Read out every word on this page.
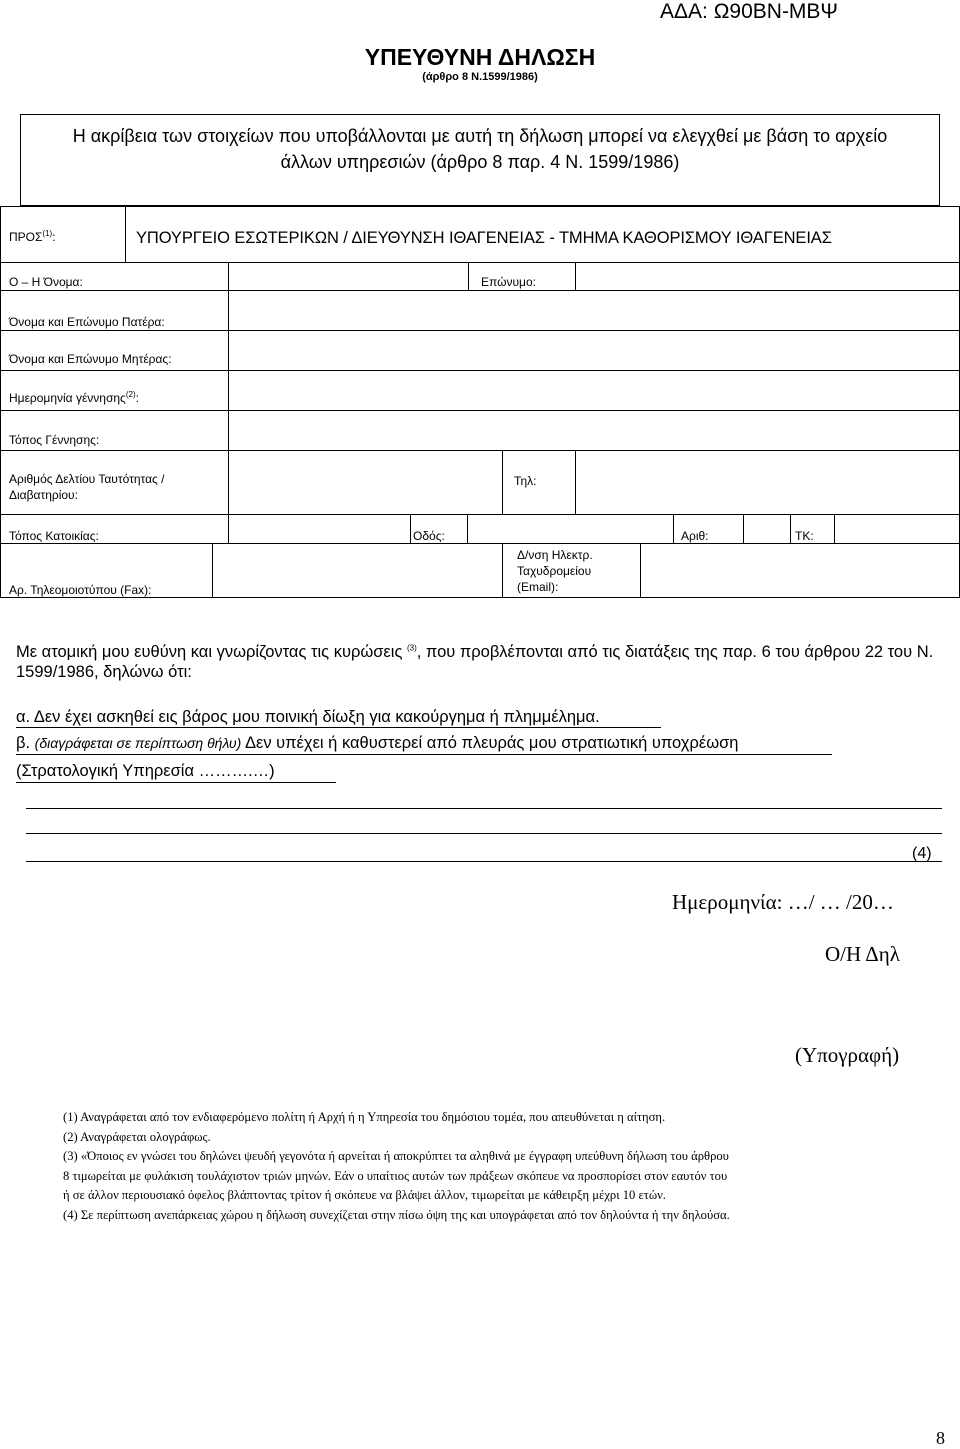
ΑΔΑ: Ω90ΒΝ-ΜΒΨ
ΥΠΕΥΘΥΝΗ ΔΗΛΩΣΗ
(άρθρο 8 Ν.1599/1986)
Η ακρίβεια των στοιχείων που υποβάλλονται με αυτή τη δήλωση μπορεί να ελεγχθεί με βάση το αρχείο
άλλων υπηρεσιών (άρθρο 8 παρ. 4 Ν. 1599/1986)
ΠΡΟΣ$^{(1)}$:	ΥΠΟΥΡΓΕΙΟ ΕΣΩΤΕΡΙΚΩΝ / ΔΙΕΥΘΥΝΣΗ ΙΘΑΓΕΝΕΙΑΣ - ΤΜΗΜΑ ΚΑΘΟΡΙΣΜΟΥ ΙΘΑΓΕΝΕΙΑΣ
Ο – Η Όνομα:	Επώνυμο:
Όνομα και Επώνυμο Πατέρα:
Όνομα και Επώνυμο Μητέρας:
Ημερομηνία γέννησης$^{(2)}$:
Τόπος Γέννησης:
Αριθμός Δελτίου Ταυτότητας /
Διαβατηρίου:
Τηλ:
Τόπος Κατοικίας:	Οδός:	Αριθ:	ΤΚ:
Αρ. Τηλεομοιοτύπου (Fax):
Δ/νση Ηλεκτρ.
Ταχυδρομείου
(Email):
Με ατομική μου ευθύνη και γνωρίζοντας τις κυρώσεις $^{(3)}$, που προβλέπονται από τις διατάξεις της παρ. 6 του άρθρου 22 του Ν. 1599/1986, δηλώνω ότι:
α. Δεν έχει ασκηθεί εις βάρος μου ποινική δίωξη για κακούργημα ή πλημμέλημα.
β. (διαγράφεται σε περίπτωση θήλυ) Δεν υπέχει ή καθυστερεί από πλευράς μου στρατιωτική υποχρέωση
(Στρατολογική Υπηρεσία ……….…)
(4)
Ημερομηνία: …/ … /20…
Ο/Η Δηλ
(Υπογραφή)
(1) Αναγράφεται από τον ενδιαφερόμενο πολίτη ή Αρχή ή η Υπηρεσία του δημόσιου τομέα, που απευθύνεται η αίτηση.
(2) Αναγράφεται ολογράφως.
(3) «Όποιος εν γνώσει του δηλώνει ψευδή γεγονότα ή αρνείται ή αποκρύπτει τα αληθινά με έγγραφη υπεύθυνη δήλωση του άρθρου
8 τιμωρείται με φυλάκιση τουλάχιστον τριών μηνών. Εάν ο υπαίτιος αυτών των πράξεων σκόπευε να προσπορίσει στον εαυτόν του
ή σε άλλον περιουσιακό όφελος βλάπτοντας τρίτον ή σκόπευε να βλάψει άλλον, τιμωρείται με κάθειρξη μέχρι 10 ετών.
(4) Σε περίπτωση ανεπάρκειας χώρου η δήλωση συνεχίζεται στην πίσω όψη της και υπογράφεται από τον δηλούντα ή την δηλούσα.
8
